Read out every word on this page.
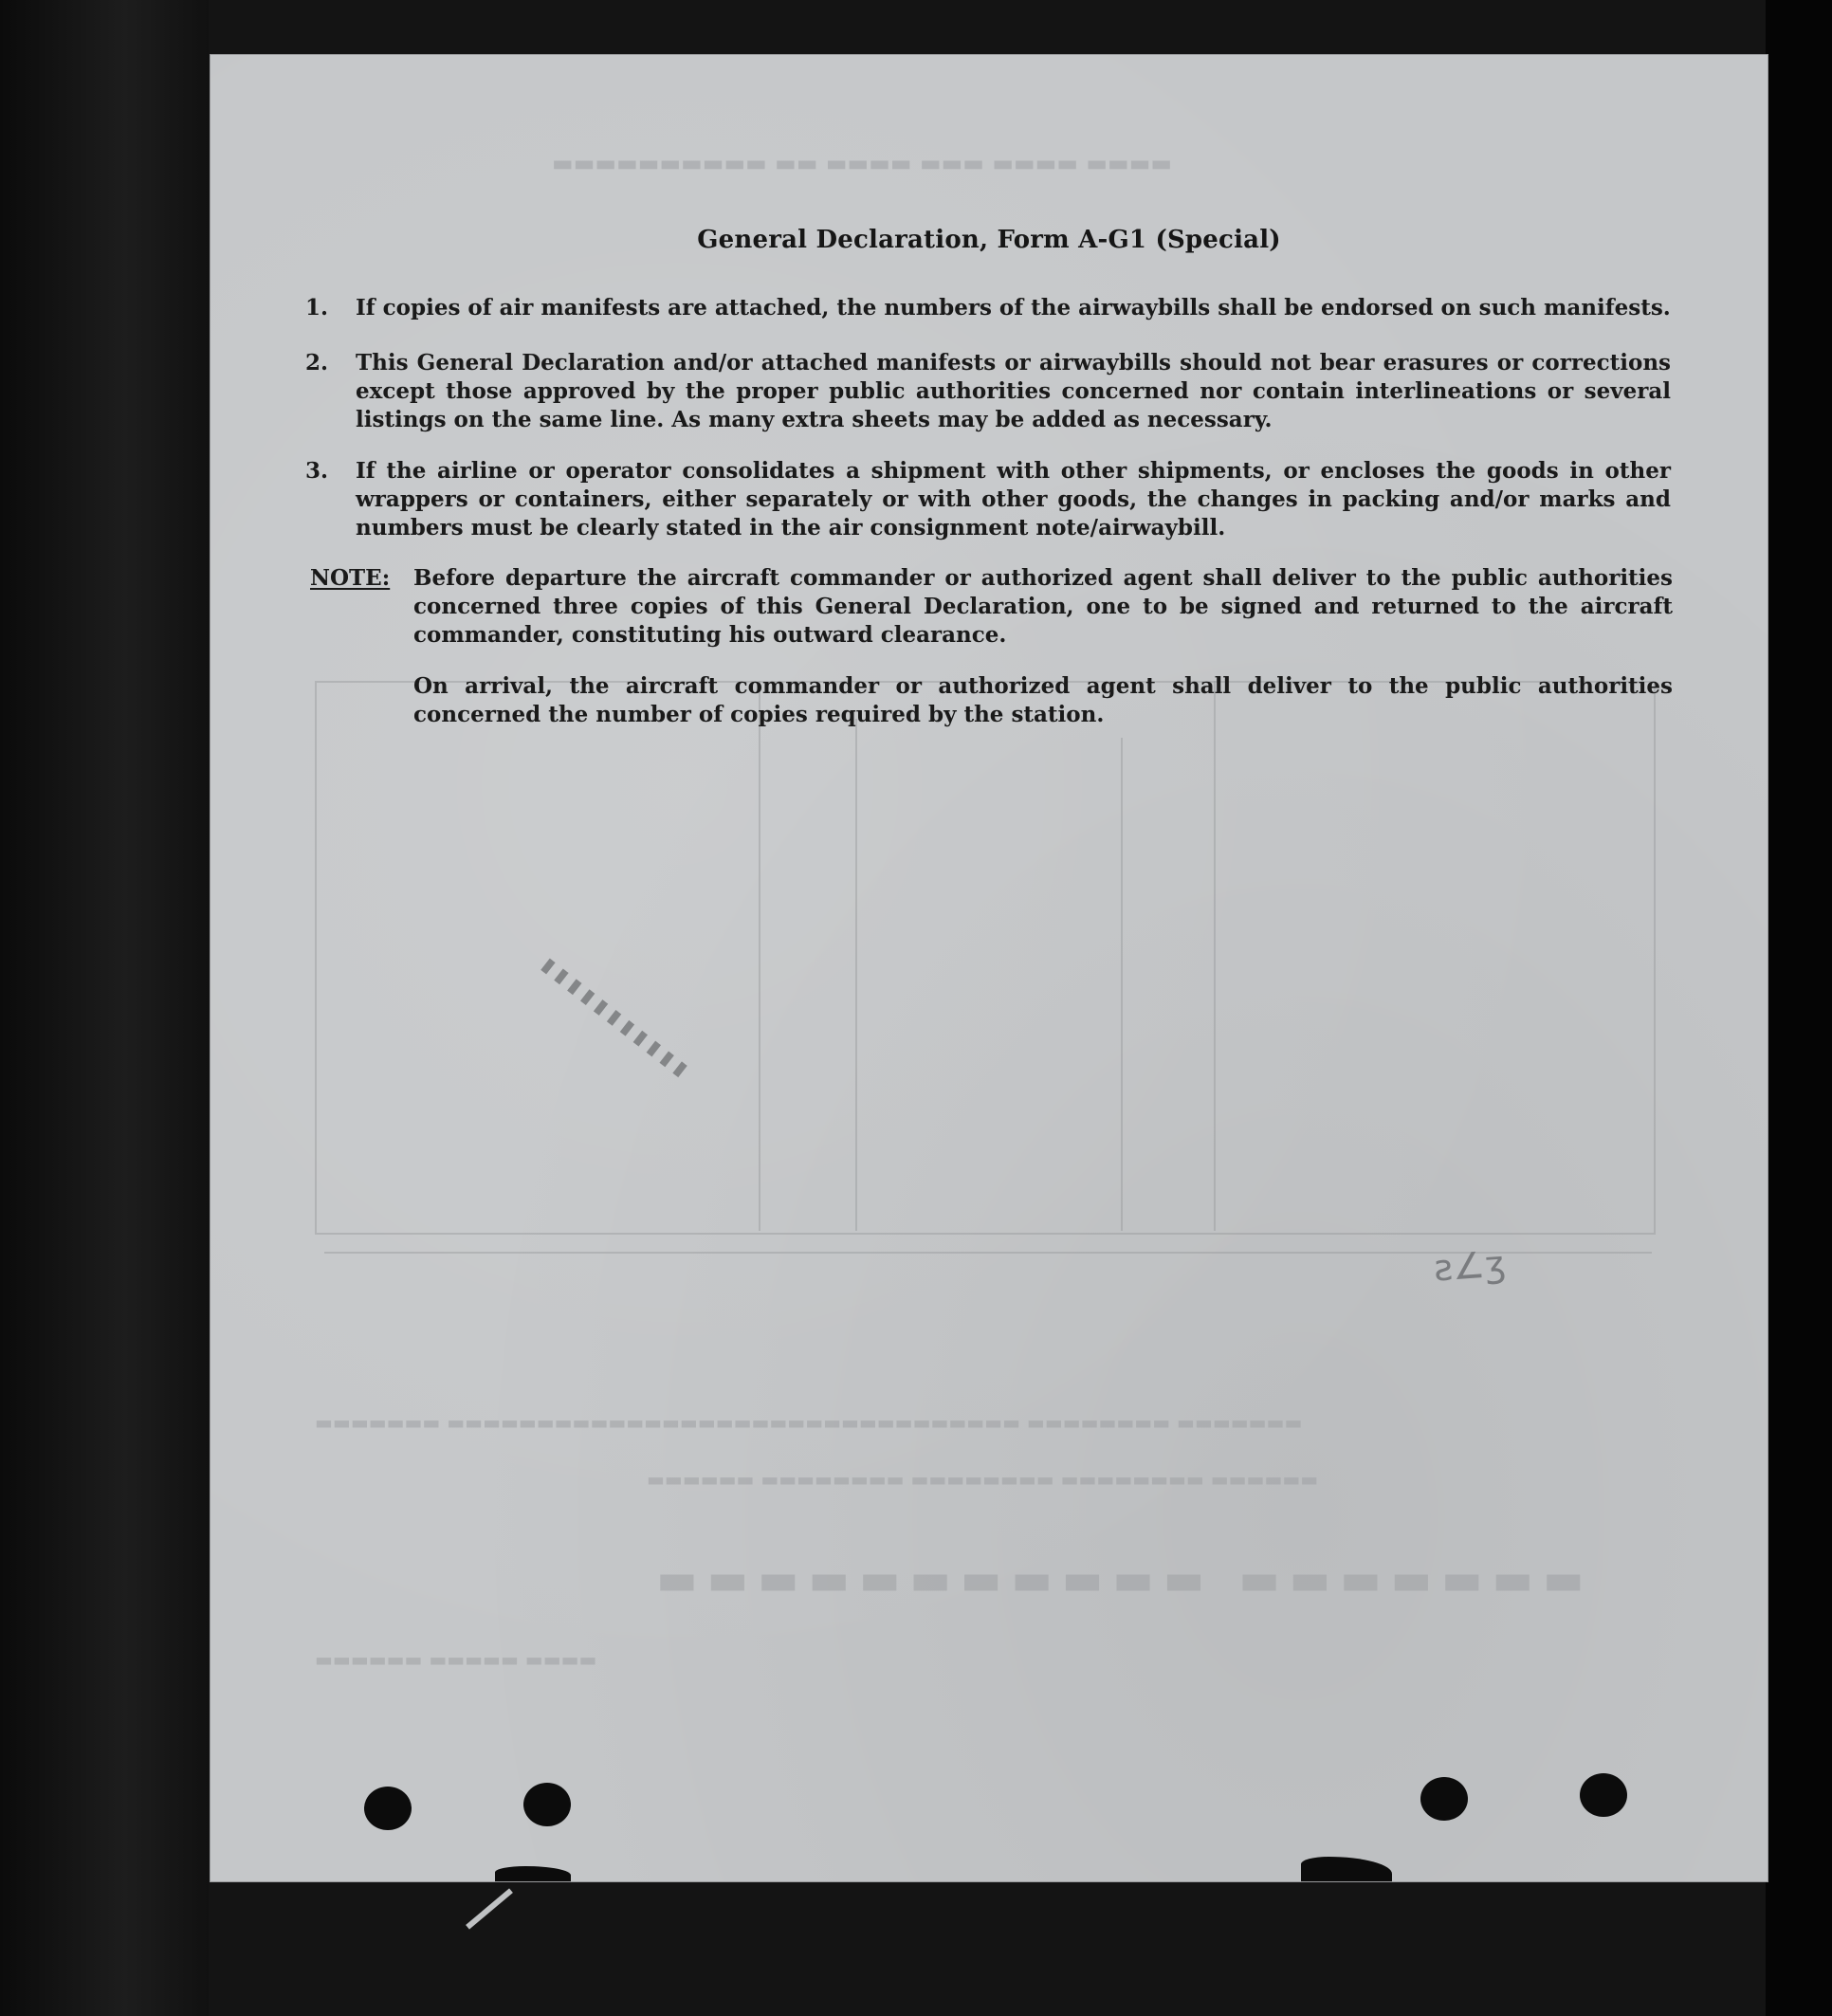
▬▬▬▬ ▬▬▬▬ ▬▬▬ ▬▬▬▬ ▬▬ ▬▬▬▬▬▬▬▬▬▬
▬▬▬▬▬▬▬ ▬▬▬▬▬▬▬▬▬▬▬
▬▬▬▬▬▬ ▬▬▬▬▬▬▬▬ ▬▬▬▬▬▬▬▬ ▬▬▬▬▬▬▬▬ ▬▬▬▬▬▬
▬▬▬▬▬▬▬ ▬▬▬▬▬▬▬▬ ▬▬▬▬▬▬▬▬▬▬▬▬▬▬▬▬▬▬▬▬▬▬▬▬▬▬▬▬▬▬▬▬ ▬▬▬▬▬▬▬
▬▬▬▬ ▬▬▬▬▬ ▬▬▬▬▬▬
General Declaration, Form A-G1 (Special)
1.	If copies of air manifests are attached, the numbers of the airwaybills shall be endorsed on such manifests.
2.	This General Declaration and/or attached manifests or airwaybills should not bear erasures or corrections except those approved by the proper public authorities concerned nor contain interlineations or several listings on the same line. As many extra sheets may be added as necessary.
3.	If the airline or operator consolidates a shipment with other shipments, or encloses the goods in other wrappers or containers, either separately or with other goods, the changes in packing and/or marks and numbers must be clearly stated in the air consignment note/airwaybill.
NOTE: Before departure the aircraft commander or authorized agent shall deliver to the public authorities concerned three copies of this General Declaration, one to be signed and returned to the aircraft commander, constituting his outward clearance.
On arrival, the aircraft commander or authorized agent shall deliver to the public authorities concerned the number of copies required by the station.
▮▮▮▮▮▮▮▮▮▮▮
ƨ∠ʒ
